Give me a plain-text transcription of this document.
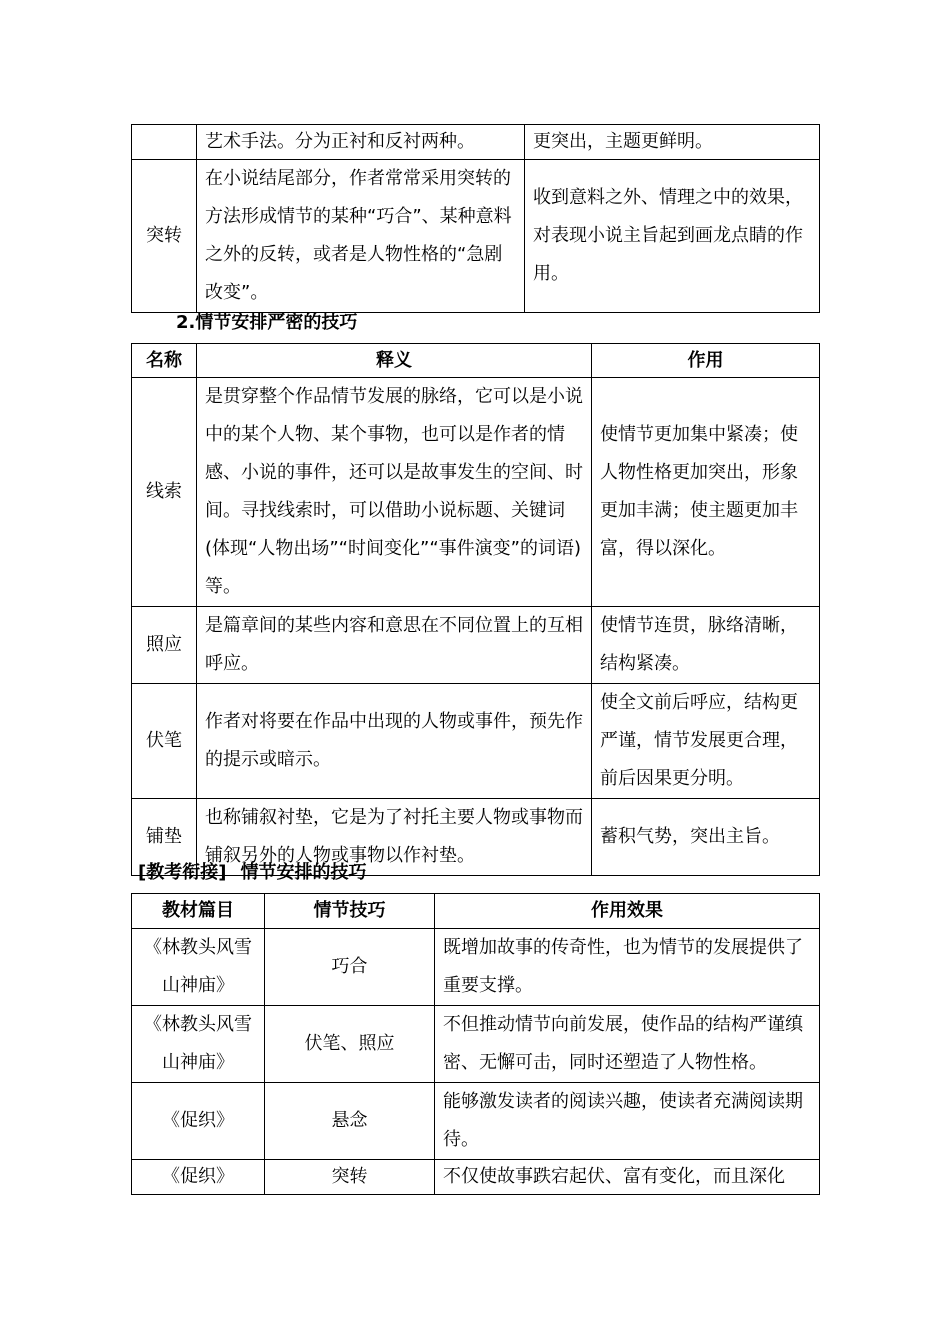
	艺术手法。分为正衬和反衬两种。	更突出，主题更鲜明。
突转	在小说结尾部分，作者常常采用突转的方法形成情节的某种“巧合”、某种意料之外的反转，或者是人物性格的“急剧改变”。	收到意料之外、情理之中的效果，对表现小说主旨起到画龙点睛的作用。
2.情节安排严密的技巧
名称	释义	作用
线索	是贯穿整个作品情节发展的脉络，它可以是小说中的某个人物、某个事物，也可以是作者的情感、小说的事件，还可以是故事发生的空间、时间。寻找线索时，可以借助小说标题、关键词(体现“人物出场”“时间变化”“事件演变”的词语)等。	使情节更加集中紧凑；使人物性格更加突出，形象更加丰满；使主题更加丰富，得以深化。
照应	是篇章间的某些内容和意思在不同位置上的互相呼应。	使情节连贯，脉络清晰，结构紧凑。
伏笔	作者对将要在作品中出现的人物或事件，预先作的提示或暗示。	使全文前后呼应，结构更严谨，情节发展更合理，前后因果更分明。
铺垫	也称铺叙衬垫，它是为了衬托主要人物或事物而铺叙另外的人物或事物以作衬垫。	蓄积气势，突出主旨。
[教考衔接] 情节安排的技巧
教材篇目	情节技巧	作用效果
《林教头风雪山神庙》	巧合	既增加故事的传奇性，也为情节的发展提供了重要支撑。
《林教头风雪山神庙》	伏笔、照应	不但推动情节向前发展，使作品的结构严谨缜密、无懈可击，同时还塑造了人物性格。
《促织》	悬念	能够激发读者的阅读兴趣，使读者充满阅读期待。
《促织》	突转	不仅使故事跌宕起伏、富有变化，而且深化
